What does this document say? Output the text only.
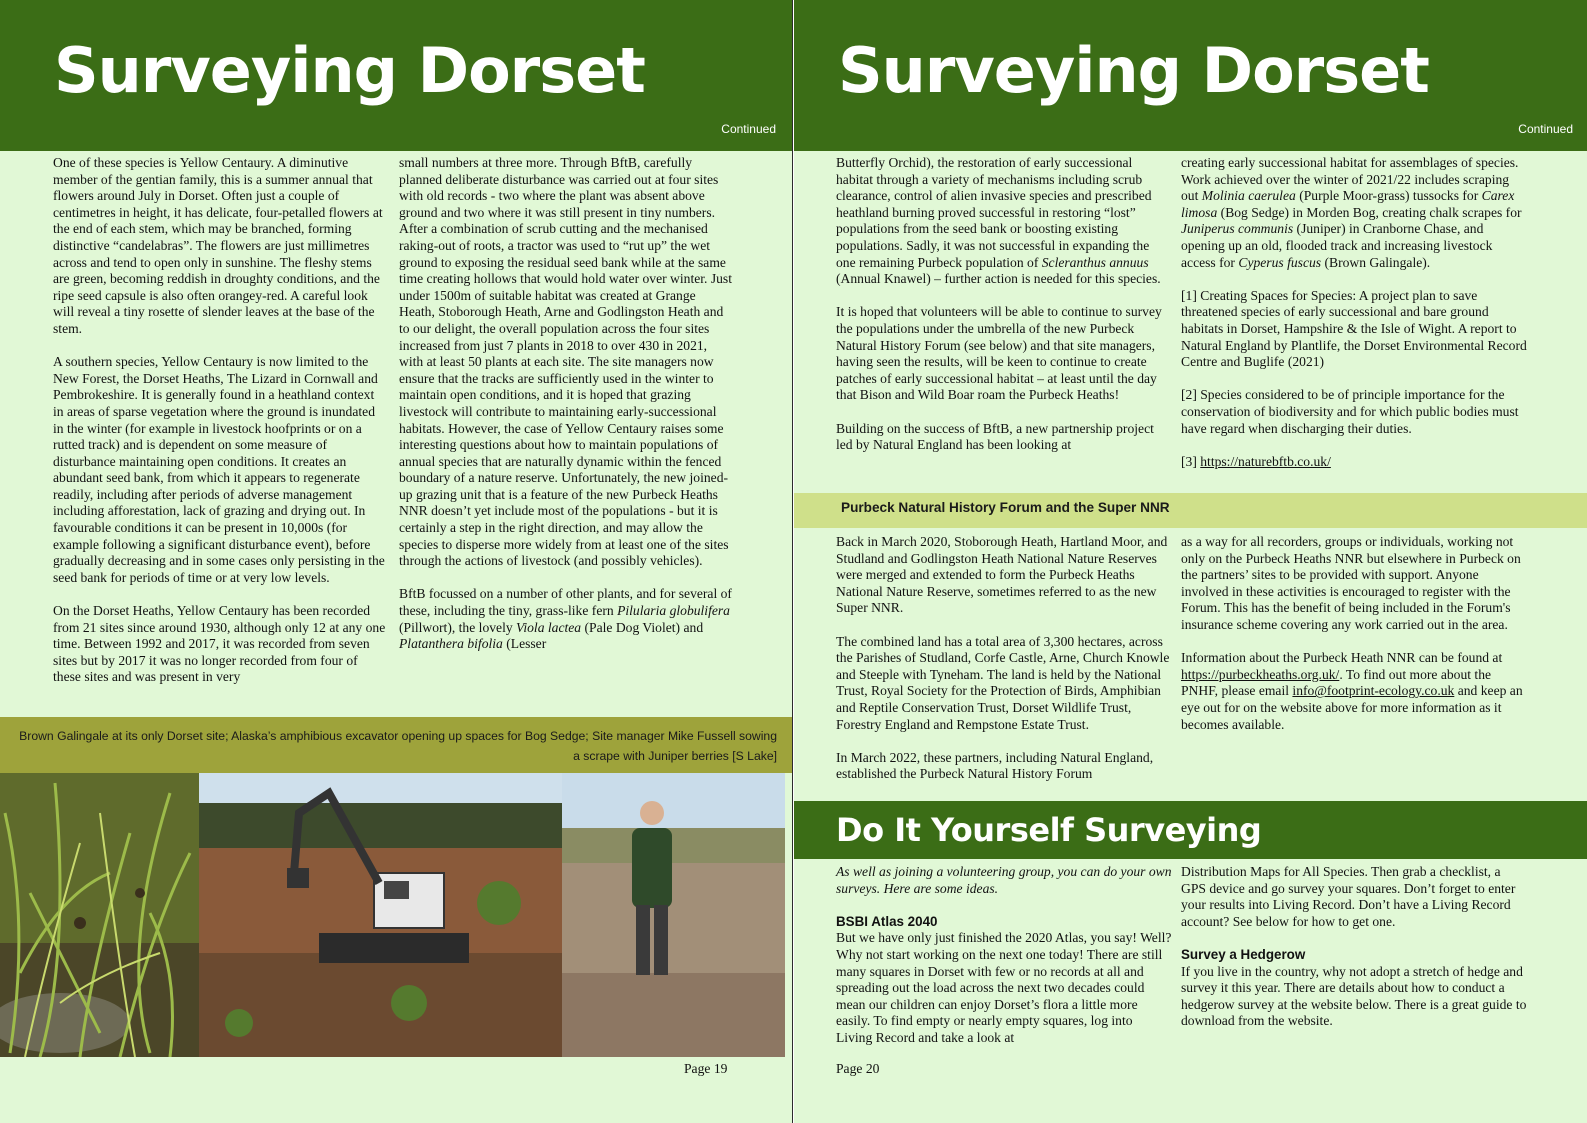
Surveying Dorset
Continued

One of these species is Yellow Centaury. A diminutive member of the gentian family, this is a summer annual that flowers around July in Dorset. Often just a couple of centimetres in height, it has delicate, four-petalled flowers at the end of each stem, which may be branched, forming distinctive “candelabras”. The flowers are just millimetres across and tend to open only in sunshine. The fleshy stems are green, becoming reddish in droughty conditions, and the ripe seed capsule is also often orangey-red. A careful look will reveal a tiny rosette of slender leaves at the base of the stem.

A southern species, Yellow Centaury is now limited to the New Forest, the Dorset Heaths, The Lizard in Cornwall and Pembrokeshire. It is generally found in a heathland context in areas of sparse vegetation where the ground is inundated in the winter (for example in livestock hoofprints or on a rutted track) and is dependent on some measure of disturbance maintaining open conditions. It creates an abundant seed bank, from which it appears to regenerate readily, including after periods of adverse management including afforestation, lack of grazing and drying out. In favourable conditions it can be present in 10,000s (for example following a significant disturbance event), before gradually decreasing and in some cases only persisting in the seed bank for periods of time or at very low levels.

On the Dorset Heaths, Yellow Centaury has been recorded from 21 sites since around 1930, although only 12 at any one time. Between 1992 and 2017, it was recorded from seven sites but by 2017 it was no longer recorded from four of these sites and was present in very

small numbers at three more. Through BftB, carefully planned deliberate disturbance was carried out at four sites with old records - two where the plant was absent above ground and two where it was still present in tiny numbers. After a combination of scrub cutting and the mechanised raking-out of roots, a tractor was used to “rut up” the wet ground to exposing the residual seed bank while at the same time creating hollows that would hold water over winter. Just under 1500m of suitable habitat was created at Grange Heath, Stoborough Heath, Arne and Godlingston Heath and to our delight, the overall population across the four sites increased from just 7 plants in 2018 to over 430 in 2021, with at least 50 plants at each site. The site managers now ensure that the tracks are sufficiently used in the winter to maintain open conditions, and it is hoped that grazing livestock will contribute to maintaining early-successional habitats. However, the case of Yellow Centaury raises some interesting questions about how to maintain populations of annual species that are naturally dynamic within the fenced boundary of a nature reserve. Unfortunately, the new joined-up grazing unit that is a feature of the new Purbeck Heaths NNR doesn’t yet include most of the populations - but it is certainly a step in the right direction, and may allow the species to disperse more widely from at least one of the sites through the actions of livestock (and possibly vehicles).

BftB focussed on a number of other plants, and for several of these, including the tiny, grass-like fern Pilularia globulifera (Pillwort), the lovely Viola lactea (Pale Dog Violet) and Platanthera bifolia (Lesser

Brown Galingale at its only Dorset site; Alaska’s amphibious excavator opening up spaces for Bog Sedge; Site manager Mike Fussell sowing a scrape with Juniper berries [S Lake]
Page 19
Surveying Dorset
Continued

Butterfly Orchid), the restoration of early successional habitat through a variety of mechanisms including scrub clearance, control of alien invasive species and prescribed heathland burning proved successful in restoring “lost” populations from the seed bank or boosting existing populations. Sadly, it was not successful in expanding the one remaining Purbeck population of Scleranthus annuus (Annual Knawel) – further action is needed for this species.

It is hoped that volunteers will be able to continue to survey the populations under the umbrella of the new Purbeck Natural History Forum (see below) and that site managers, having seen the results, will be keen to continue to create patches of early successional habitat – at least until the day that Bison and Wild Boar roam the Purbeck Heaths!

Building on the success of BftB, a new partnership project led by Natural England has been looking at

creating early successional habitat for assemblages of species. Work achieved over the winter of 2021/22 includes scraping out Molinia caerulea (Purple Moor-grass) tussocks for Carex limosa (Bog Sedge) in Morden Bog, creating chalk scrapes for Juniperus communis (Juniper) in Cranborne Chase, and opening up an old, flooded track and increasing livestock access for Cyperus fuscus (Brown Galingale).

[1] Creating Spaces for Species: A project plan to save threatened species of early successional and bare ground habitats in Dorset, Hampshire & the Isle of Wight. A report to Natural England by Plantlife, the Dorset Environmental Record Centre and Buglife (2021)

[2] Species considered to be of principle importance for the conservation of biodiversity and for which public bodies must have regard when discharging their duties.

[3] https://naturebftb.co.uk/

Purbeck Natural History Forum and the Super NNR

Back in March 2020, Stoborough Heath, Hartland Moor, and Studland and Godlingston Heath National Nature Reserves were merged and extended to form the Purbeck Heaths National Nature Reserve, sometimes referred to as the new Super NNR.

The combined land has a total area of 3,300 hectares, across the Parishes of Studland, Corfe Castle, Arne, Church Knowle and Steeple with Tyneham. The land is held by the National Trust, Royal Society for the Protection of Birds, Amphibian and Reptile Conservation Trust, Dorset Wildlife Trust, Forestry England and Rempstone Estate Trust.

In March 2022, these partners, including Natural England, established the Purbeck Natural History Forum

as a way for all recorders, groups or individuals, working not only on the Purbeck Heaths NNR but elsewhere in Purbeck on the partners’ sites to be provided with support. Anyone involved in these activities is encouraged to register with the Forum. This has the benefit of being included in the Forum's insurance scheme covering any work carried out in the area.

Information about the Purbeck Heath NNR can be found at https://purbeckheaths.org.uk/. To find out more about the PNHF, please email info@footprint-ecology.co.uk and keep an eye out for on the website above for more information as it becomes available.

Do It Yourself Surveying

As well as joining a volunteering group, you can do your own surveys. Here are some ideas.

BSBI Atlas 2040

But we have only just finished the 2020 Atlas, you say! Well? Why not start working on the next one today! There are still many squares in Dorset with few or no records at all and spreading out the load across the next two decades could mean our children can enjoy Dorset’s flora a little more easily. To find empty or nearly empty squares, log into Living Record and take a look at

Distribution Maps for All Species. Then grab a checklist, a GPS device and go survey your squares. Don’t forget to enter your results into Living Record. Don’t have a Living Record account? See below for how to get one.

Survey a Hedgerow

If you live in the country, why not adopt a stretch of hedge and survey it this year. There are details about how to conduct a hedgerow survey at the website below. There is a great guide to download from the website.

Page 20
